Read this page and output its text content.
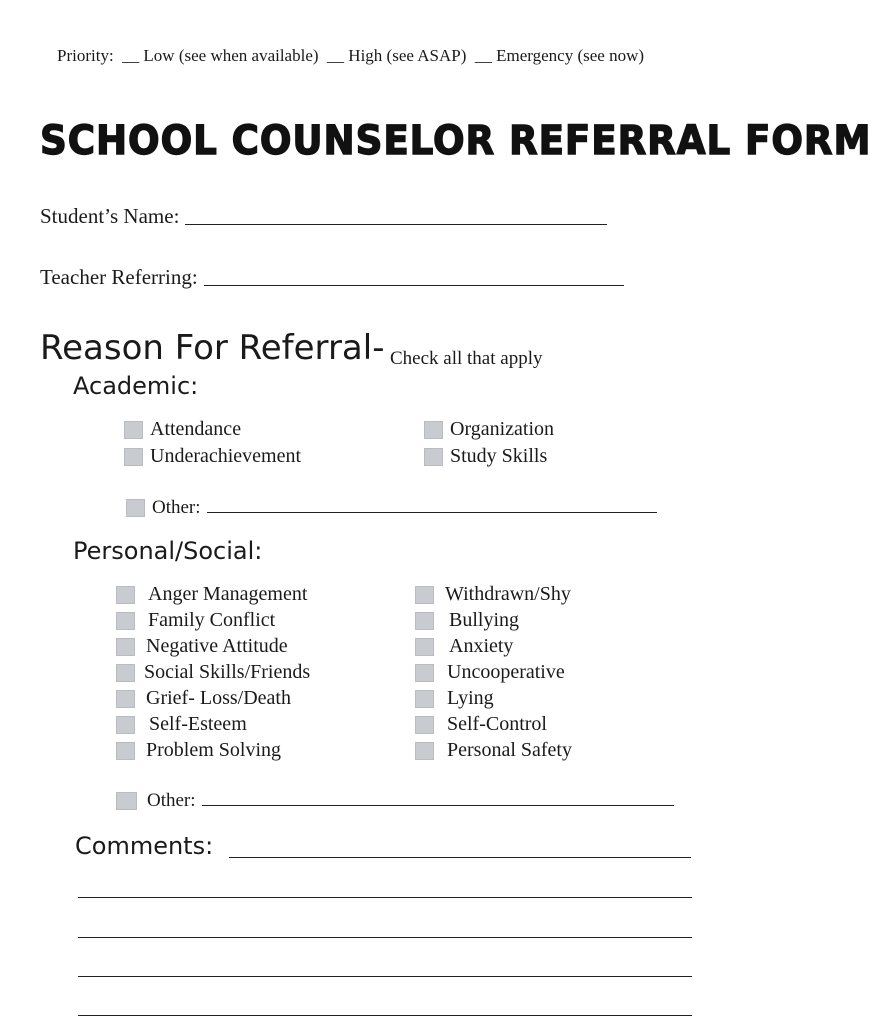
Priority: __ Low (see when available) __ High (see ASAP) __ Emergency (see now)
SCHOOL COUNSELOR REFERRAL FORM
Student’s Name:
Teacher Referring:
Reason For Referral- Check all that apply
Academic:
Attendance
Underachievement
Organization
Study Skills
Other:
Personal/Social:
Anger Management
Family Conflict
Negative Attitude
Social Skills/Friends
Grief- Loss/Death
Self-Esteem
Problem Solving
Withdrawn/Shy
Bullying
Anxiety
Uncooperative
Lying
Self-Control
Personal Safety
Other:
Comments:
